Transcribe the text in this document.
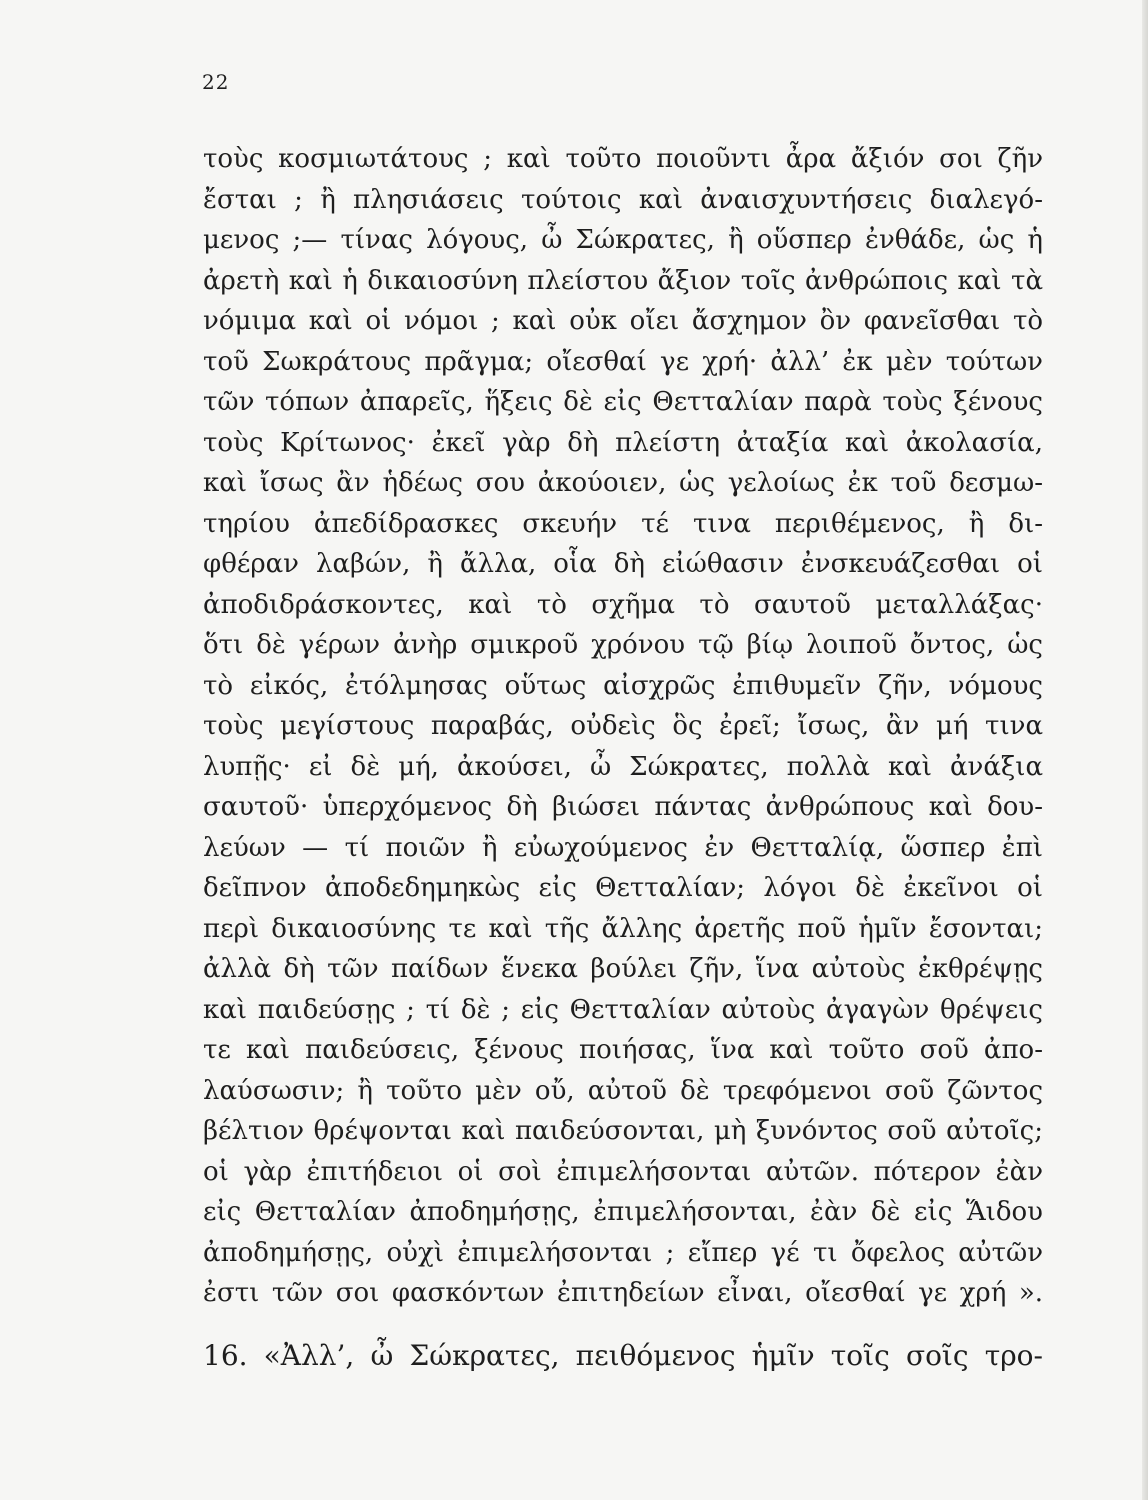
22
τοὺς κοσμιωτάτους ; καὶ τοῦτο ποιοῦντι ἆρα ἄξιόν σοι ζῆν
ἔσται ; ἢ πλησιάσεις τούτοις καὶ ἀναισχυντήσεις διαλεγό-
μενος ;— τίνας λόγους, ὦ Σώκρατες, ἢ οὕσπερ ἐνθάδε, ὡς ἡ
ἀρετὴ καὶ ἡ δικαιοσύνη πλείστου ἄξιον τοῖς ἀνθρώποις καὶ τὰ
νόμιμα καὶ οἱ νόμοι ; καὶ οὐκ οἴει ἄσχημον ὂν φανεῖσθαι τὸ
τοῦ Σωκράτους πρᾶγμα; οἴεσθαί γε χρή· ἀλλ’ ἐκ μὲν τούτων
τῶν τόπων ἀπαρεῖς, ἥξεις δὲ εἰς Θετταλίαν παρὰ τοὺς ξένους
τοὺς Κρίτωνος· ἐκεῖ γὰρ δὴ πλείστη ἀταξία καὶ ἀκολασία,
καὶ ἴσως ἂν ἡδέως σου ἀκούοιεν, ὡς γελοίως ἐκ τοῦ δεσμω-
τηρίου ἀπεδίδρασκες σκευήν τέ τινα περιθέμενος, ἢ δι-
φθέραν λαβών, ἢ ἄλλα, οἷα δὴ εἰώθασιν ἐνσκευάζεσθαι οἱ
ἀποδιδράσκοντες, καὶ τὸ σχῆμα τὸ σαυτοῦ μεταλλάξας·
ὅτι δὲ γέρων ἀνὴρ σμικροῦ χρόνου τῷ βίῳ λοιποῦ ὄντος, ὡς
τὸ εἰκός, ἐτόλμησας οὕτως αἰσχρῶς ἐπιθυμεῖν ζῆν, νόμους
τοὺς μεγίστους παραβάς, οὐδεὶς ὃς ἐρεῖ; ἴσως, ἂν μή τινα
λυπῇς· εἰ δὲ μή, ἀκούσει, ὦ Σώκρατες, πολλὰ καὶ ἀνάξια
σαυτοῦ· ὑπερχόμενος δὴ βιώσει πάντας ἀνθρώπους καὶ δου-
λεύων — τί ποιῶν ἢ εὐωχούμενος ἐν Θετταλίᾳ, ὥσπερ ἐπὶ
δεῖπνον ἀποδεδημηκὼς εἰς Θετταλίαν; λόγοι δὲ ἐκεῖνοι οἱ
περὶ δικαιοσύνης τε καὶ τῆς ἄλλης ἀρετῆς ποῦ ἡμῖν ἔσονται;
ἀλλὰ δὴ τῶν παίδων ἕνεκα βούλει ζῆν, ἵνα αὐτοὺς ἐκθρέψῃς
καὶ παιδεύσῃς ; τί δὲ ; εἰς Θετταλίαν αὐτοὺς ἀγαγὼν θρέψεις
τε καὶ παιδεύσεις, ξένους ποιήσας, ἵνα καὶ τοῦτο σοῦ ἀπο-
λαύσωσιν; ἢ τοῦτο μὲν οὔ, αὐτοῦ δὲ τρεφόμενοι σοῦ ζῶντος
βέλτιον θρέψονται καὶ παιδεύσονται, μὴ ξυνόντος σοῦ αὐτοῖς;
οἱ γὰρ ἐπιτήδειοι οἱ σοὶ ἐπιμελήσονται αὐτῶν. πότερον ἐὰν
εἰς Θετταλίαν ἀποδημήσῃς, ἐπιμελήσονται, ἐὰν δὲ εἰς Ἅιδου
ἀποδημήσῃς, οὐχὶ ἐπιμελήσονται ; εἴπερ γέ τι ὄφελος αὐτῶν
ἐστι τῶν σοι φασκόντων ἐπιτηδείων εἶναι, οἴεσθαί γε χρή ».
16. «Ἀλλ’, ὦ Σώκρατες, πειθόμενος ἡμῖν τοῖς σοῖς τρο-
